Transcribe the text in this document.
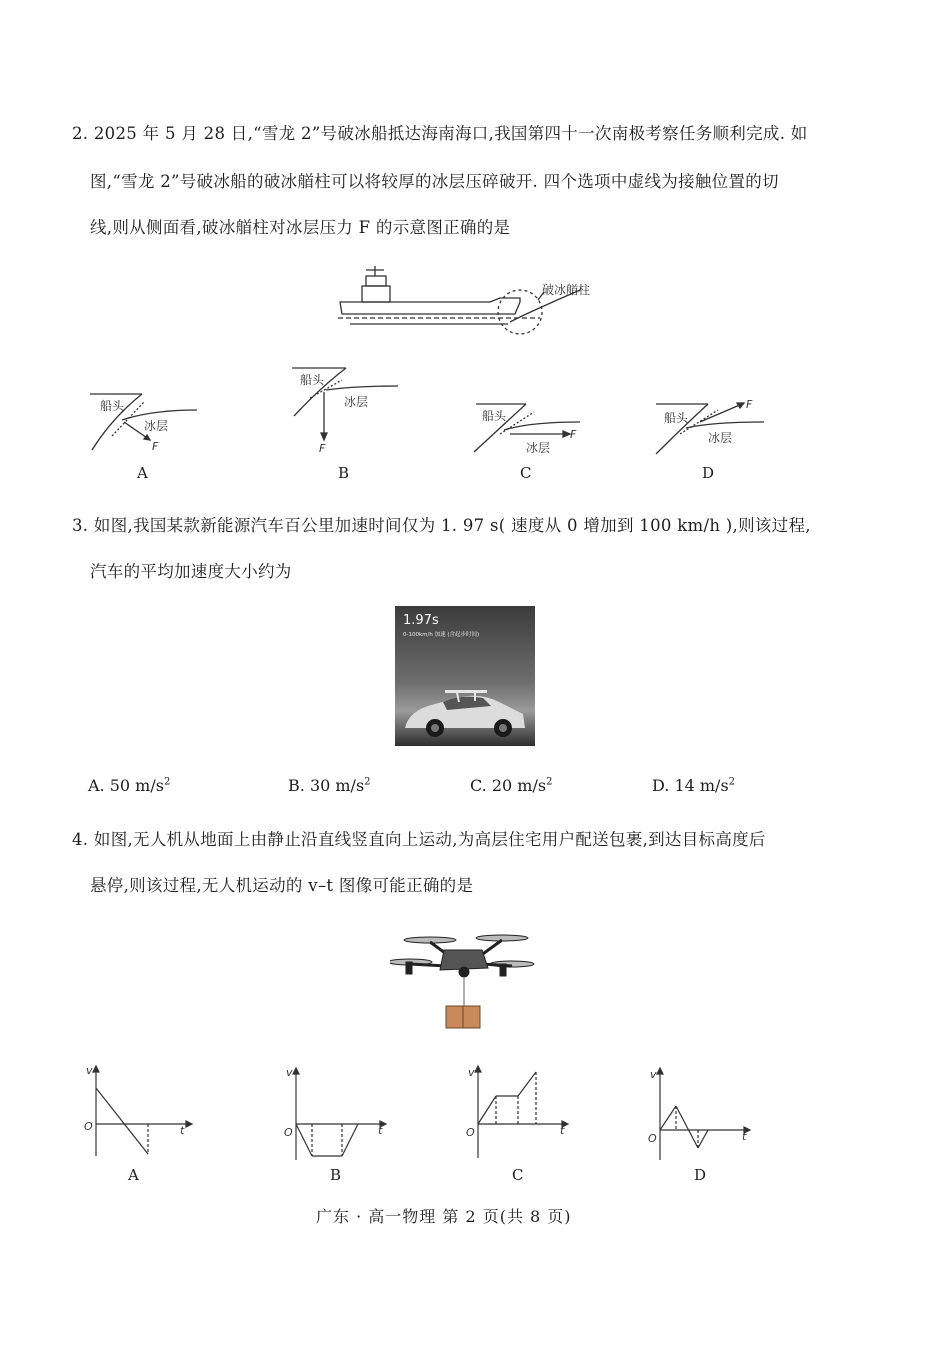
2. 2025 年 5 月 28 日,“雪龙 2”号破冰船抵达海南海口,我国第四十一次南极考察任务顺利完成. 如
图,“雪龙 2”号破冰船的破冰艏柱可以将较厚的冰层压碎破开. 四个选项中虚线为接触位置的切
线,则从侧面看,破冰艏柱对冰层压力 F 的示意图正确的是
破冰艏柱
船头
冰层
F
A
船头
冰层
F
B
船头
冰层
F
C
船头
冰层
F
D
3. 如图,我国某款新能源汽车百公里加速时间仅为 1. 97 s( 速度从 0 增加到 100 km/h ),则该过程,
汽车的平均加速度大小约为
1.97s
0-100km/h 加速 (含起步时间)
A. 50 $m/s^2$	B. 30 $m/s^2$	C. 20 $m/s^2$	D. 14 $m/s^2$
4. 如图,无人机从地面上由静止沿直线竖直向上运动,为高层住宅用户配送包裹,到达目标高度后
悬停,则该过程,无人机运动的 v–t 图像可能正确的是
v
t
O
A
v
t
O
B
v
t
O
C
v
t
O
D
广东 · 高一物理 第 2 页(共 8 页)
